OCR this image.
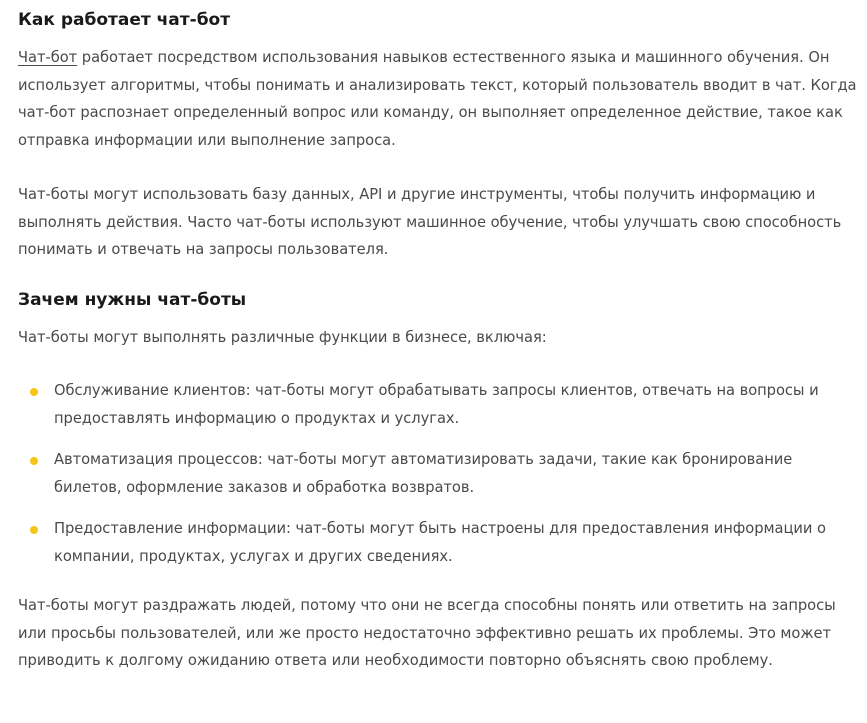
Как работает чат-бот

Чат-бот работает посредством использования навыков естественного языка и машинного обучения. Он использует алгоритмы, чтобы понимать и анализировать текст, который пользователь вводит в чат. Когда чат-бот распознает определенный вопрос или команду, он выполняет определенное действие, такое как отправка информации или выполнение запроса.

Чат-боты могут использовать базу данных, API и другие инструменты, чтобы получить информацию и выполнять действия. Часто чат-боты используют машинное обучение, чтобы улучшать свою способность понимать и отвечать на запросы пользователя.

Зачем нужны чат-боты

Чат-боты могут выполнять различные функции в бизнесе, включая:

Обслуживание клиентов: чат-боты могут обрабатывать запросы клиентов, отвечать на вопросы и предоставлять информацию о продуктах и услугах.

Автоматизация процессов: чат-боты могут автоматизировать задачи, такие как бронирование билетов, оформление заказов и обработка возвратов.

Предоставление информации: чат-боты могут быть настроены для предоставления информации о компании, продуктах, услугах и других сведениях.

Чат-боты могут раздражать людей, потому что они не всегда способны понять или ответить на запросы или просьбы пользователей, или же просто недостаточно эффективно решать их проблемы. Это может приводить к долгому ожиданию ответа или необходимости повторно объяснять свою проблему.
